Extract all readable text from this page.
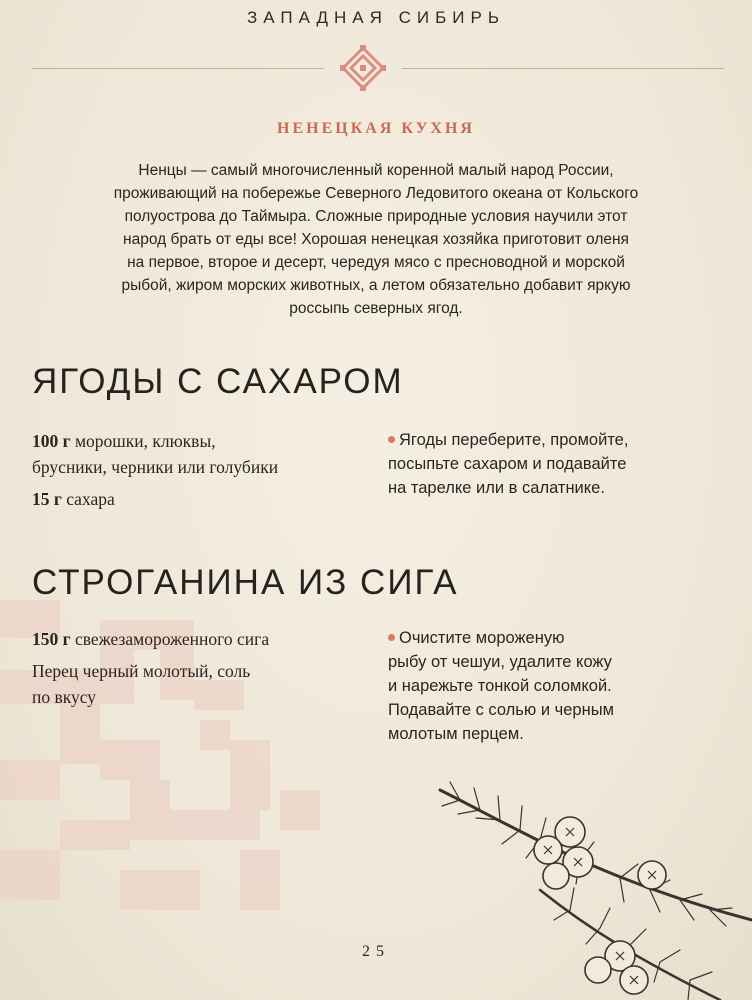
ЗАПАДНАЯ СИБИРЬ
НЕНЕЦКАЯ КУХНЯ
Ненцы — самый многочисленный коренной малый народ России,
проживающий на побережье Северного Ледовитого океана от Кольского
полуострова до Таймыра. Сложные природные условия научили этот
народ брать от еды все! Хорошая ненецкая хозяйка приготовит оленя
на первое, второе и десерт, чередуя мясо с пресноводной и морской
рыбой, жиром морских животных, а летом обязательно добавит яркую
россыпь северных ягод.
ЯГОДЫ С САХАРОМ
100 г морошки, клюквы,
брусники, черники или голубики
15 г сахара
Ягоды переберите, промойте,
посыпьте сахаром и подавайте
на тарелке или в салатнике.
СТРОГАНИНА ИЗ СИГА
150 г свежезамороженного сига
Перец черный молотый, соль
по вкусу
Очистите мороженую
рыбу от чешуи, удалите кожу
и нарежьте тонкой соломкой.
Подавайте с солью и черным
молотым перцем.
25
